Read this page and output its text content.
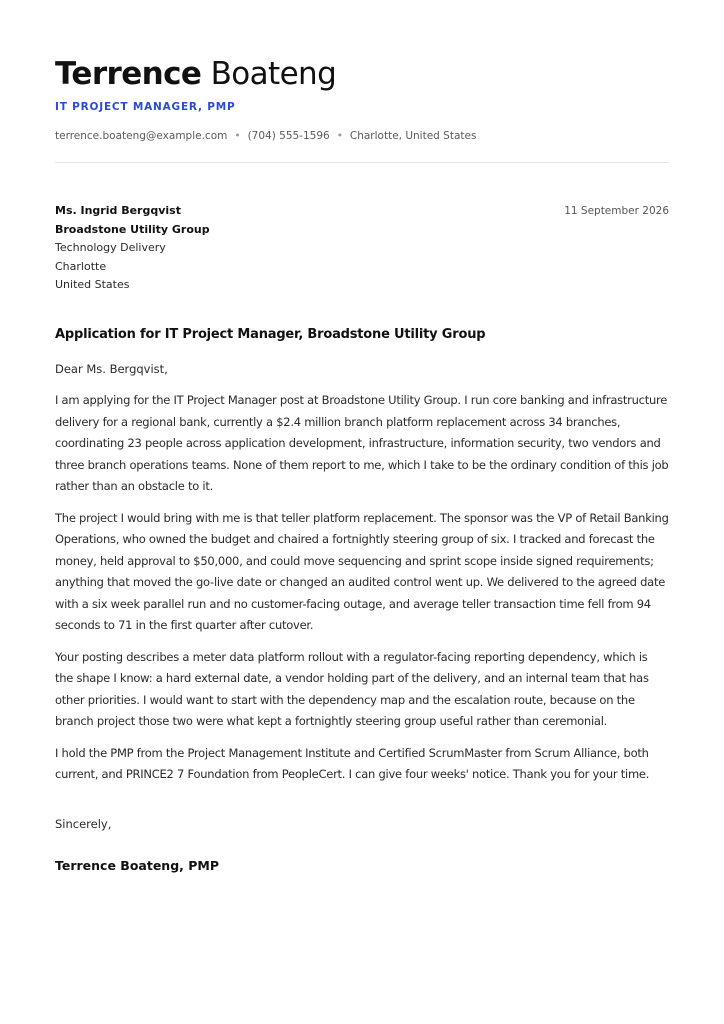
Terrence Boateng
IT PROJECT MANAGER, PMP
terrence.boateng@example.com • (704) 555-1596 • Charlotte, United States
Ms. Ingrid Bergqvist
Broadstone Utility Group
Technology Delivery
Charlotte
United States
11 September 2026
Application for IT Project Manager, Broadstone Utility Group
Dear Ms. Bergqvist,
I am applying for the IT Project Manager post at Broadstone Utility Group. I run core banking and infrastructure delivery for a regional bank, currently a $2.4 million branch platform replacement across 34 branches, coordinating 23 people across application development, infrastructure, information security, two vendors and three branch operations teams. None of them report to me, which I take to be the ordinary condition of this job rather than an obstacle to it.
The project I would bring with me is that teller platform replacement. The sponsor was the VP of Retail Banking Operations, who owned the budget and chaired a fortnightly steering group of six. I tracked and forecast the money, held approval to $50,000, and could move sequencing and sprint scope inside signed requirements; anything that moved the go-live date or changed an audited control went up. We delivered to the agreed date with a six week parallel run and no customer-facing outage, and average teller transaction time fell from 94 seconds to 71 in the first quarter after cutover.
Your posting describes a meter data platform rollout with a regulator-facing reporting dependency, which is the shape I know: a hard external date, a vendor holding part of the delivery, and an internal team that has other priorities. I would want to start with the dependency map and the escalation route, because on the branch project those two were what kept a fortnightly steering group useful rather than ceremonial.
I hold the PMP from the Project Management Institute and Certified ScrumMaster from Scrum Alliance, both current, and PRINCE2 7 Foundation from PeopleCert. I can give four weeks' notice. Thank you for your time.
Sincerely,
Terrence Boateng, PMP
